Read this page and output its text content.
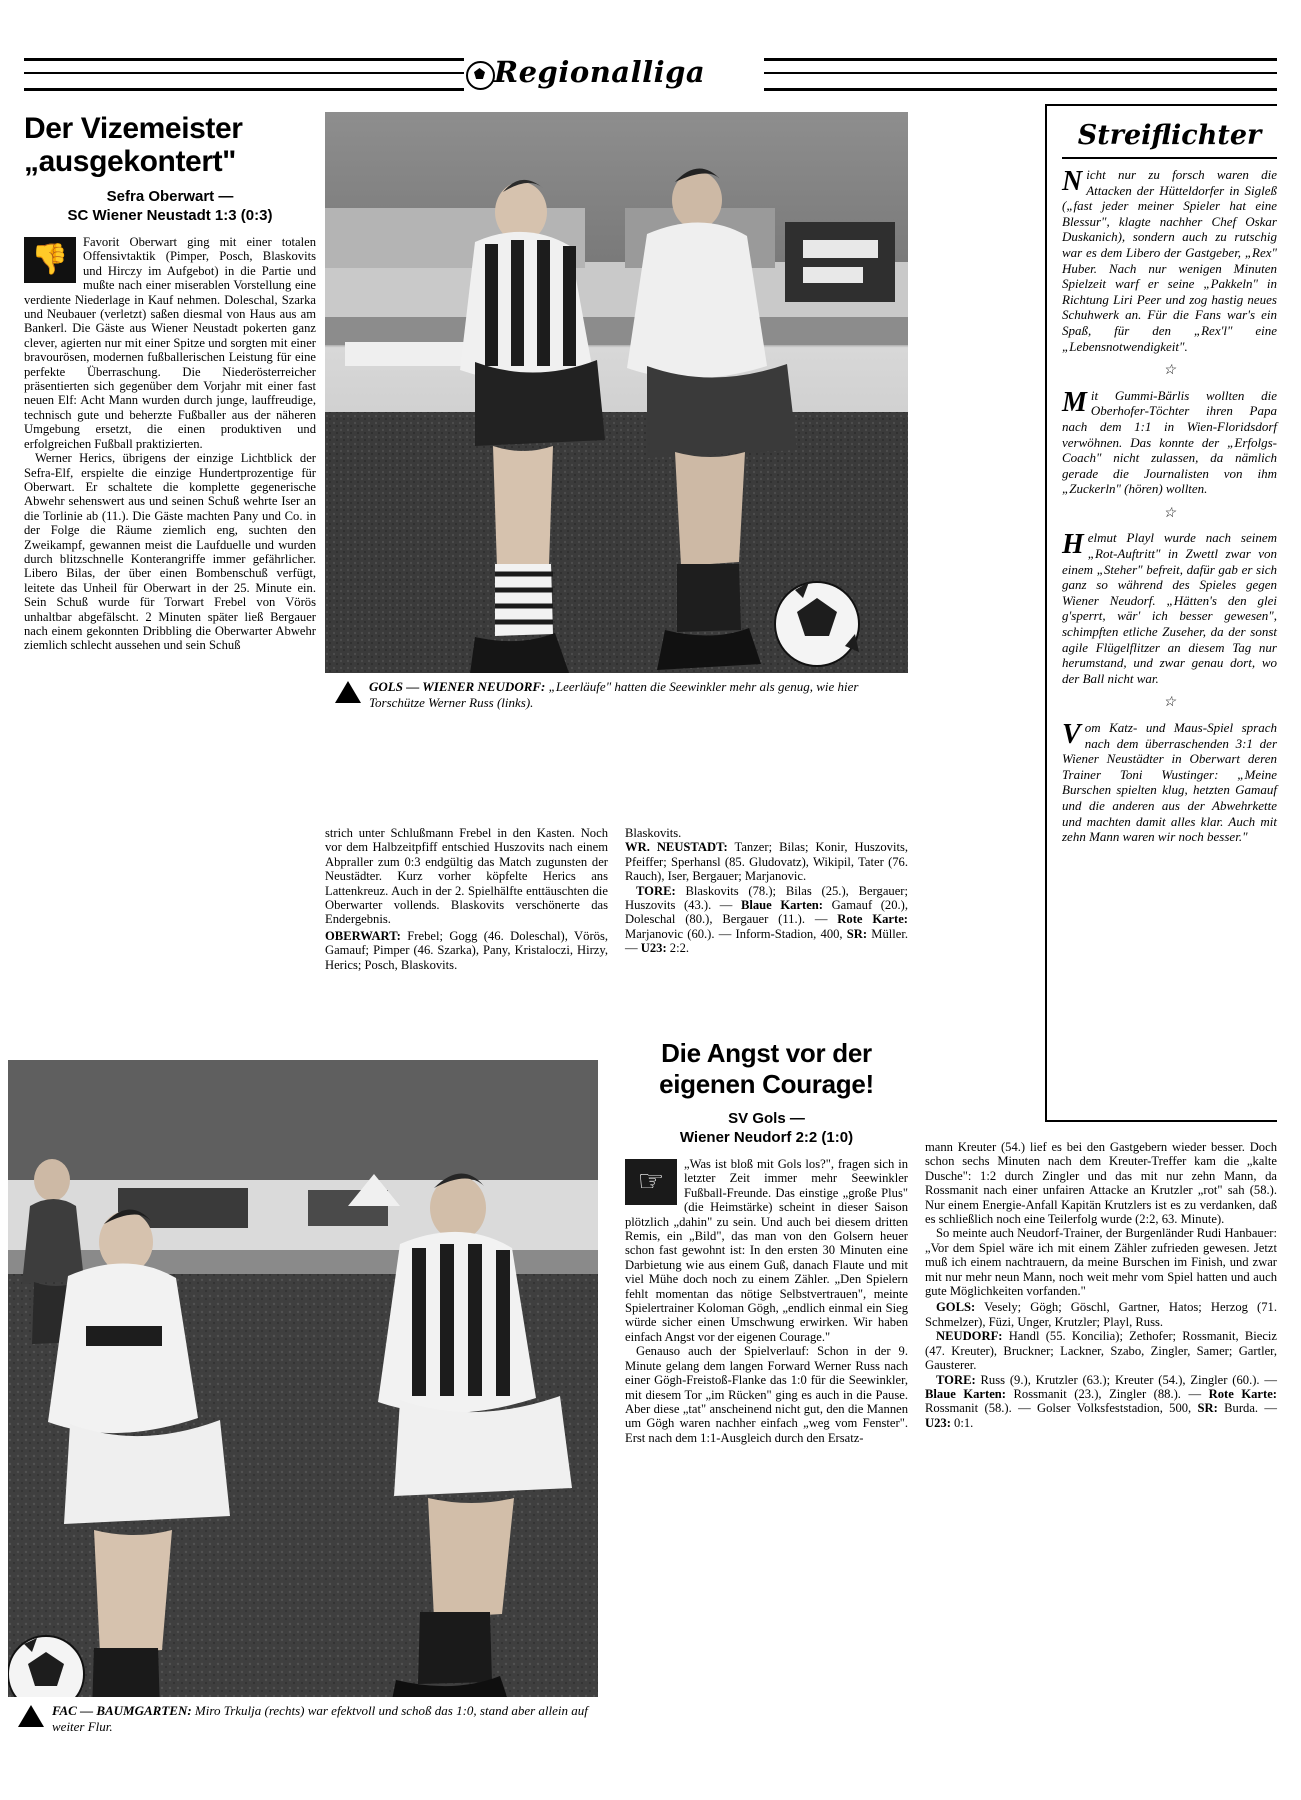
Regionalliga
Der Vizemeister
„ausgekontert"
Sefra Oberwart —
SC Wiener Neustadt 1:3 (0:3)
👎

Favorit Oberwart ging mit einer totalen Offensivtaktik (Pimper, Posch, Blaskovits und Hirczy im Aufgebot) in die Partie und mußte nach einer miserablen Vorstellung eine verdiente Niederlage in Kauf nehmen. Doleschal, Szarka und Neubauer (verletzt) saßen diesmal von Haus aus am Bankerl. Die Gäste aus Wiener Neustadt pokerten ganz clever, agierten nur mit einer Spitze und sorgten mit einer bravourösen, modernen fußballerischen Leistung für eine perfekte Überraschung. Die Niederösterreicher präsentierten sich gegenüber dem Vorjahr mit einer fast neuen Elf: Acht Mann wurden durch junge, lauffreudige, technisch gute und beherzte Fußballer aus der näheren Umgebung ersetzt, die einen produktiven und erfolgreichen Fußball praktizierten.

Werner Herics, übrigens der einzige Lichtblick der Sefra-Elf, erspielte die einzige Hundertprozentige für Oberwart. Er schaltete die komplette gegenerische Abwehr sehenswert aus und seinen Schuß wehrte Iser an die Torlinie ab (11.). Die Gäste machten Pany und Co. in der Folge die Räume ziemlich eng, suchten den Zweikampf, gewannen meist die Laufduelle und wurden durch blitzschnelle Konterangriffe immer gefährlicher. Libero Bilas, der über einen Bombenschuß verfügt, leitete das Unheil für Oberwart in der 25. Minute ein. Sein Schuß wurde für Torwart Frebel von Vörös unhaltbar abgefälscht. 2 Minuten später ließ Bergauer nach einem gekonnten Dribbling die Oberwarter Abwehr ziemlich schlecht aussehen und sein Schuß

GOLS — WIENER NEUDORF: „Leerläufe" hatten die Seewinkler mehr als genug, wie hier Torschütze Werner Russ (links).

strich unter Schlußmann Frebel in den Kasten. Noch vor dem Halbzeitpfiff entschied Huszovits nach einem Abpraller zum 0:3 endgültig das Match zugunsten der Neustädter. Kurz vorher köpfelte Herics ans Lattenkreuz. Auch in der 2. Spielhälfte enttäuschten die Oberwarter vollends. Blaskovits verschönerte das Endergebnis.

OBERWART: Frebel; Gogg (46. Doleschal), Vörös, Gamauf; Pimper (46. Szarka), Pany, Kristaloczi, Hirzy, Herics; Posch, Blaskovits.

Blaskovits.

WR. NEUSTADT: Tanzer; Bilas; Konir, Huszovits, Pfeiffer; Sperhansl (85. Gludovatz), Wikipil, Tater (76. Rauch), Iser, Bergauer; Marjanovic.

TORE: Blaskovits (78.); Bilas (25.), Bergauer; Huszovits (43.). — Blaue Karten: Gamauf (20.), Doleschal (80.), Bergauer (11.). — Rote Karte: Marjanovic (60.). — Inform-Stadion, 400, SR: Müller. — U23: 2:2.

Streiflichter

Nicht nur zu forsch waren die Attacken der Hütteldorfer in Sigleß („fast jeder meiner Spieler hat eine Blessur", klagte nachher Chef Oskar Duskanich), sondern auch zu rutschig war es dem Libero der Gastgeber, „Rex" Huber. Nach nur wenigen Minuten Spielzeit warf er seine „Pakkeln" in Richtung Liri Peer und zog hastig neues Schuhwerk an. Für die Fans war's ein Spaß, für den „Rex'l" eine „Lebensnotwendigkeit".

☆

Mit Gummi-Bärlis wollten die Oberhofer-Töchter ihren Papa nach dem 1:1 in Wien-Floridsdorf verwöhnen. Das konnte der „Erfolgs-Coach" nicht zulassen, da nämlich gerade die Journalisten von ihm „Zuckerln" (hören) wollten.

☆

Helmut Playl wurde nach seinem „Rot-Auftritt" in Zwettl zwar von einem „Steher" befreit, dafür gab er sich ganz so während des Spieles gegen Wiener Neudorf. „Hätten's den glei g'sperrt, wär' ich besser gewesen", schimpften etliche Zuseher, da der sonst agile Flügelflitzer an diesem Tag nur herumstand, und zwar genau dort, wo der Ball nicht war.

☆

Vom Katz- und Maus-Spiel sprach nach dem überraschenden 3:1 der Wiener Neustädter in Oberwart deren Trainer Toni Wustinger: „Meine Burschen spielten klug, hetzten Gamauf und die anderen aus der Abwehrkette und machten damit alles klar. Auch mit zehn Mann waren wir noch besser."

FAC — BAUMGARTEN: Miro Trkulja (rechts) war efektvoll und schoß das 1:0, stand aber allein auf weiter Flur.
Die Angst vor der
eigenen Courage!
SV Gols —
Wiener Neudorf 2:2 (1:0)
☞

„Was ist bloß mit Gols los?", fragen sich in letzter Zeit immer mehr Seewinkler Fußball-Freunde. Das einstige „große Plus" (die Heimstärke) scheint in dieser Saison plötzlich „dahin" zu sein. Und auch bei diesem dritten Remis, ein „Bild", das man von den Golsern heuer schon fast gewohnt ist: In den ersten 30 Minuten eine Darbietung wie aus einem Guß, danach Flaute und mit viel Mühe doch noch zu einem Zähler. „Den Spielern fehlt momentan das nötige Selbstvertrauen", meinte Spielertrainer Koloman Gögh, „endlich einmal ein Sieg würde sicher einen Umschwung erwirken. Wir haben einfach Angst vor der eigenen Courage."

Genauso auch der Spielverlauf: Schon in der 9. Minute gelang dem langen Forward Werner Russ nach einer Gögh-Freistoß-Flanke das 1:0 für die Seewinkler, mit diesem Tor „im Rücken" ging es auch in die Pause. Aber diese „tat" anscheinend nicht gut, den die Mannen um Gögh waren nachher einfach „weg vom Fenster". Erst nach dem 1:1-Ausgleich durch den Ersatz-

mann Kreuter (54.) lief es bei den Gastgebern wieder besser. Doch schon sechs Minuten nach dem Kreuter-Treffer kam die „kalte Dusche": 1:2 durch Zingler und das mit nur zehn Mann, da Rossmanit nach einer unfairen Attacke an Krutzler „rot" sah (58.). Nur einem Energie-Anfall Kapitän Krutzlers ist es zu verdanken, daß es schließlich noch eine Teilerfolg wurde (2:2, 63. Minute).

So meinte auch Neudorf-Trainer, der Burgenländer Rudi Hanbauer: „Vor dem Spiel wäre ich mit einem Zähler zufrieden gewesen. Jetzt muß ich einem nachtrauern, da meine Burschen im Finish, und zwar mit nur mehr neun Mann, noch weit mehr vom Spiel hatten und auch gute Möglichkeiten vorfanden."

GOLS: Vesely; Gögh; Göschl, Gartner, Hatos; Herzog (71. Schmelzer), Füzi, Unger, Krutzler; Playl, Russ.

NEUDORF: Handl (55. Koncilia); Zethofer; Rossmanit, Bieciz (47. Kreuter), Bruckner; Lackner, Szabo, Zingler, Samer; Gartler, Gausterer.

TORE: Russ (9.), Krutzler (63.); Kreuter (54.), Zingler (60.). — Blaue Karten: Rossmanit (23.), Zingler (88.). — Rote Karte: Rossmanit (58.). — Golser Volksfeststadion, 500, SR: Burda. — U23: 0:1.
